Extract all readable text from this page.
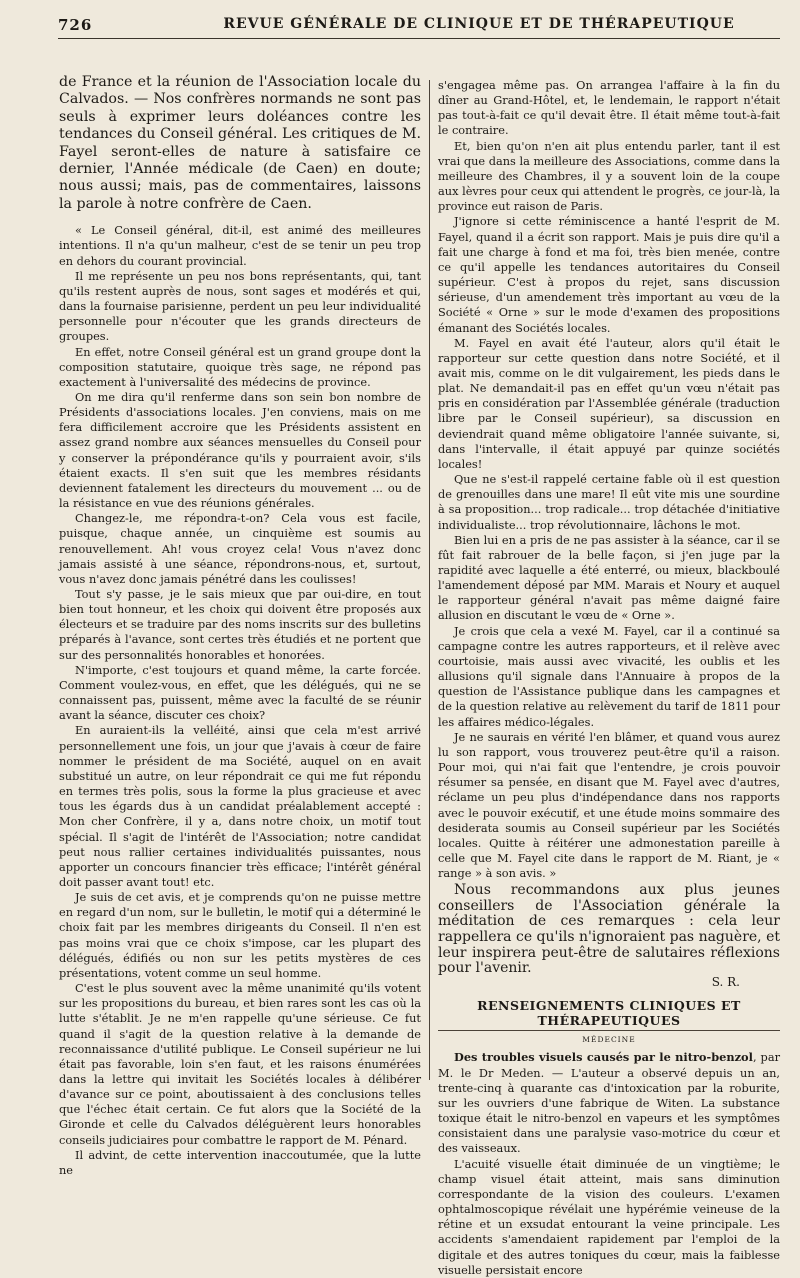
726	REVUE GÉNÉRALE DE CLINIQUE ET DE THÉRAPEUTIQUE

de France et la réunion de l'Association locale du Calvados. — Nos confrères normands ne sont pas seuls à exprimer leurs doléances contre les tendances du Conseil général. Les critiques de M. Fayel seront-elles de nature à satisfaire ce dernier, l'Année médicale (de Caen) en doute; nous aussi; mais, pas de commentaires, laissons la parole à notre confrère de Caen.

« Le Conseil général, dit-il, est animé des meilleures intentions. Il n'a qu'un malheur, c'est de se tenir un peu trop en dehors du courant provincial.

Il me représente un peu nos bons représentants, qui, tant qu'ils restent auprès de nous, sont sages et modérés et qui, dans la fournaise parisienne, perdent un peu leur individualité personnelle pour n'écouter que les grands directeurs de groupes.

En effet, notre Conseil général est un grand groupe dont la composition statutaire, quoique très sage, ne répond pas exactement à l'universalité des médecins de province.

On me dira qu'il renferme dans son sein bon nombre de Présidents d'associations locales. J'en conviens, mais on me fera difficilement accroire que les Présidents assistent en assez grand nombre aux séances mensuelles du Conseil pour y conserver la prépondérance qu'ils y pourraient avoir, s'ils étaient exacts. Il s'en suit que les membres résidants deviennent fatalement les directeurs du mouvement ... ou de la résistance en vue des réunions générales.

Changez-le, me répondra-t-on? Cela vous est facile, puisque, chaque année, un cinquième est soumis au renouvellement. Ah! vous croyez cela! Vous n'avez donc jamais assisté à une séance, répondrons-nous, et, surtout, vous n'avez donc jamais pénétré dans les coulisses!

Tout s'y passe, je le sais mieux que par oui-dire, en tout bien tout honneur, et les choix qui doivent être proposés aux électeurs et se traduire par des noms inscrits sur des bulletins préparés à l'avance, sont certes très étudiés et ne portent que sur des personnalités honorables et honorées.

N'importe, c'est toujours et quand même, la carte forcée. Comment voulez-vous, en effet, que les délégués, qui ne se connaissent pas, puissent, même avec la faculté de se réunir avant la séance, discuter ces choix?

En auraient-ils la velléité, ainsi que cela m'est arrivé personnellement une fois, un jour que j'avais à cœur de faire nommer le président de ma Société, auquel on en avait substitué un autre, on leur répondrait ce qui me fut répondu en termes très polis, sous la forme la plus gracieuse et avec tous les égards dus à un candidat préalablement accepté : Mon cher Confrère, il y a, dans notre choix, un motif tout spécial. Il s'agit de l'intérêt de l'Association; notre candidat peut nous rallier certaines individualités puissantes, nous apporter un concours financier très efficace; l'intérêt général doit passer avant tout! etc.

Je suis de cet avis, et je comprends qu'on ne puisse mettre en regard d'un nom, sur le bulletin, le motif qui a déterminé le choix fait par les membres dirigeants du Conseil. Il n'en est pas moins vrai que ce choix s'impose, car les plupart des délégués, édifiés ou non sur les petits mystères de ces présentations, votent comme un seul homme.

C'est le plus souvent avec la même unanimité qu'ils votent sur les propositions du bureau, et bien rares sont les cas où la lutte s'établit. Je ne m'en rappelle qu'une sérieuse. Ce fut quand il s'agit de la question relative à la demande de reconnaissance d'utilité publique. Le Conseil supérieur ne lui était pas favorable, loin s'en faut, et les raisons énumérées dans la lettre qui invitait les Sociétés locales à délibérer d'avance sur ce point, aboutissaient à des conclusions telles que l'échec était certain. Ce fut alors que la Société de la Gironde et celle du Calvados déléguèrent leurs honorables conseils judiciaires pour combattre le rapport de M. Pénard.

Il advint, de cette intervention inaccoutumée, que la lutte ne

s'engagea même pas. On arrangea l'affaire à la fin du dîner au Grand-Hôtel, et, le lendemain, le rapport n'était pas tout-à-fait ce qu'il devait être. Il était même tout-à-fait le contraire.

Et, bien qu'on n'en ait plus entendu parler, tant il est vrai que dans la meilleure des Associations, comme dans la meilleure des Chambres, il y a souvent loin de la coupe aux lèvres pour ceux qui attendent le progrès, ce jour-là, la province eut raison de Paris.

J'ignore si cette réminiscence a hanté l'esprit de M. Fayel, quand il a écrit son rapport. Mais je puis dire qu'il a fait une charge à fond et ma foi, très bien menée, contre ce qu'il appelle les tendances autoritaires du Conseil supérieur. C'est à propos du rejet, sans discussion sérieuse, d'un amendement très important au vœu de la Société « Orne » sur le mode d'examen des propositions émanant des Sociétés locales.

M. Fayel en avait été l'auteur, alors qu'il était le rapporteur sur cette question dans notre Société, et il avait mis, comme on le dit vulgairement, les pieds dans le plat. Ne demandait-il pas en effet qu'un vœu n'était pas pris en considération par l'Assemblée générale (traduction libre par le Conseil supérieur), sa discussion en deviendrait quand même obligatoire l'année suivante, si, dans l'intervalle, il était appuyé par quinze sociétés locales!

Que ne s'est-il rappelé certaine fable où il est question de grenouilles dans une mare! Il eût vite mis une sourdine à sa proposition... trop radicale... trop détachée d'initiative individualiste... trop révolutionnaire, lâchons le mot.

Bien lui en a pris de ne pas assister à la séance, car il se fût fait rabrouer de la belle façon, si j'en juge par la rapidité avec laquelle a été enterré, ou mieux, blackboulé l'amendement déposé par MM. Marais et Noury et auquel le rapporteur général n'avait pas même daigné faire allusion en discutant le vœu de « Orne ».

Je crois que cela a vexé M. Fayel, car il a continué sa campagne contre les autres rapporteurs, et il relève avec courtoisie, mais aussi avec vivacité, les oublis et les allusions qu'il signale dans l'Annuaire à propos de la question de l'Assistance publique dans les campagnes et de la question relative au relèvement du tarif de 1811 pour les affaires médico-légales.

Je ne saurais en vérité l'en blâmer, et quand vous aurez lu son rapport, vous trouverez peut-être qu'il a raison. Pour moi, qui n'ai fait que l'entendre, je crois pouvoir résumer sa pensée, en disant que M. Fayel avec d'autres, réclame un peu plus d'indépendance dans nos rapports avec le pouvoir exécutif, et une étude moins sommaire des desiderata soumis au Conseil supérieur par les Sociétés locales. Quitte à réitérer une admonestation pareille à celle que M. Fayel cite dans le rapport de M. Riant, je « range » à son avis. »

Nous recommandons aux plus jeunes conseillers de l'Association générale la méditation de ces remarques : cela leur rappellera ce qu'ils n'ignoraient pas naguère, et leur inspirera peut-être de salutaires réflexions pour l'avenir.

S. R.

RENSEIGNEMENTS CLINIQUES ET THÉRAPEUTIQUES

MÉDECINE

Des troubles visuels causés par le nitro-benzol, par M. le Dr Meden. — L'auteur a observé depuis un an, trente-cinq à quarante cas d'intoxication par la roburite, sur les ouvriers d'une fabrique de Witen. La substance toxique était le nitro-benzol en vapeurs et les symptômes consistaient dans une paralysie vaso-motrice du cœur et des vaisseaux.

L'acuité visuelle était diminuée de un vingtième; le champ visuel était atteint, mais sans diminution correspondante de la vision des couleurs. L'examen ophtalmoscopique révélait une hypérémie veineuse de la rétine et un exsudat entourant la veine principale. Les accidents s'amendaient rapidement par l'emploi de la digitale et des autres toniques du cœur, mais la faiblesse visuelle persistait encore
